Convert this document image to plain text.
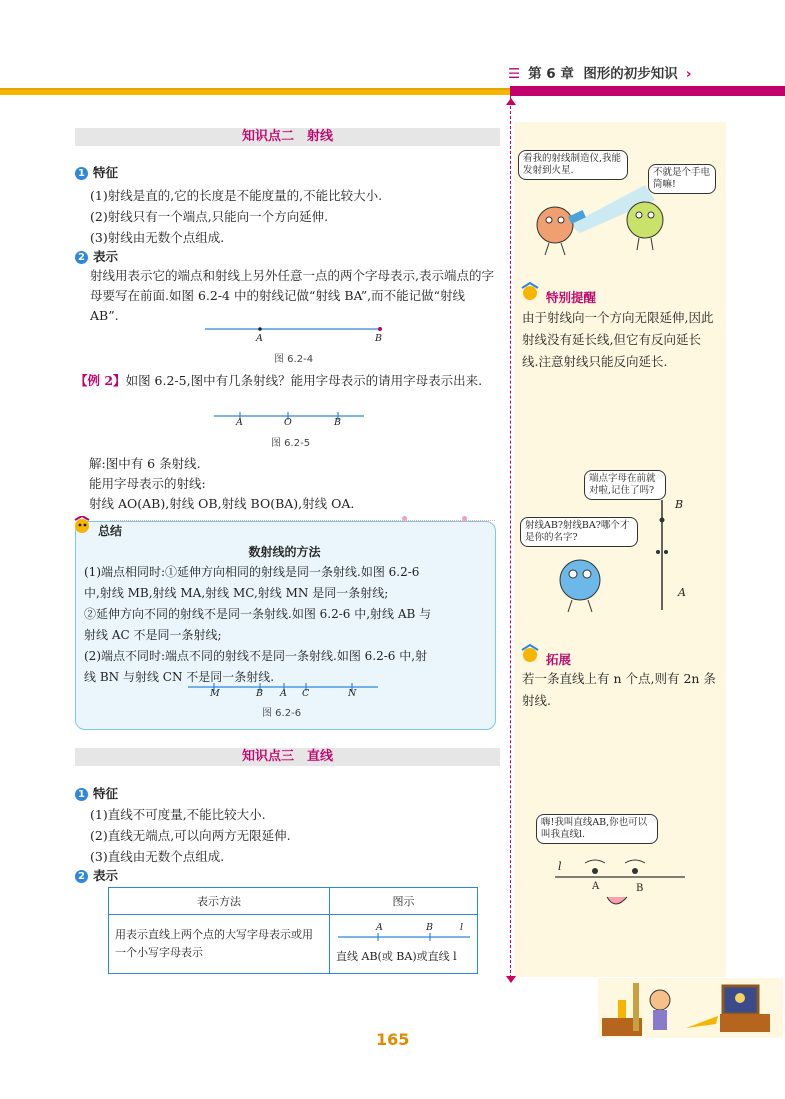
☰ 第 6 章 图形的初步知识 ›
知识点二　射线
1 特征
(1)射线是直的,它的长度是不能度量的,不能比较大小.
(2)射线只有一个端点,只能向一个方向延伸.
(3)射线由无数个点组成.
2 表示
射线用表示它的端点和射线上另外任意一点的两个字母表示,表示端点的字母要写在前面.如图 6.2-4 中的射线记做“射线 BA”,而不能记做“射线 AB”.
A	B
图 6.2-4
【例 2】如图 6.2-5,图中有几条射线？能用字母表示的请用字母表示出来.
A	O	B
图 6.2-5
解:图中有 6 条射线.
能用字母表示的射线:
射线 AO(AB),射线 OB,射线 BO(BA),射线 OA.
总结
数射线的方法
(1)端点相同时:①延伸方向相同的射线是同一条射线.如图 6.2-6
中,射线 MB,射线 MA,射线 MC,射线 MN 是同一条射线;
②延伸方向不同的射线不是同一条射线.如图 6.2-6 中,射线 AB 与
射线 AC 不是同一条射线;
(2)端点不同时:端点不同的射线不是同一条射线.如图 6.2-6 中,射
线 BN 与射线 CN 不是同一条射线.
M	B A C	N
图 6.2-6
知识点三　直线
1 特征
(1)直线不可度量,不能比较大小.
(2)直线无端点,可以向两方无限延伸.
(3)直线由无数个点组成.
2 表示
表示方法	图示
用表示直线上两个点的大写字母表示或用一个小写字母表示	A B l
直线 AB(或 BA)或直线 l
看我的射线制造仪,我能发射到火星.	不就是个手电筒嘛!
特别提醒
由于射线向一个方向无限延伸,因此射线没有延长线,但它有反向延长线.注意射线只能反向延长.
端点字母在前就对啦,记住了吗?
射线AB?射线BA?哪个才是你的名字?
B
A
拓展
若一条直线上有 n 个点,则有 2n 条射线.
嗨!我叫直线AB,你也可以叫我直线l.
l
A	B
165
